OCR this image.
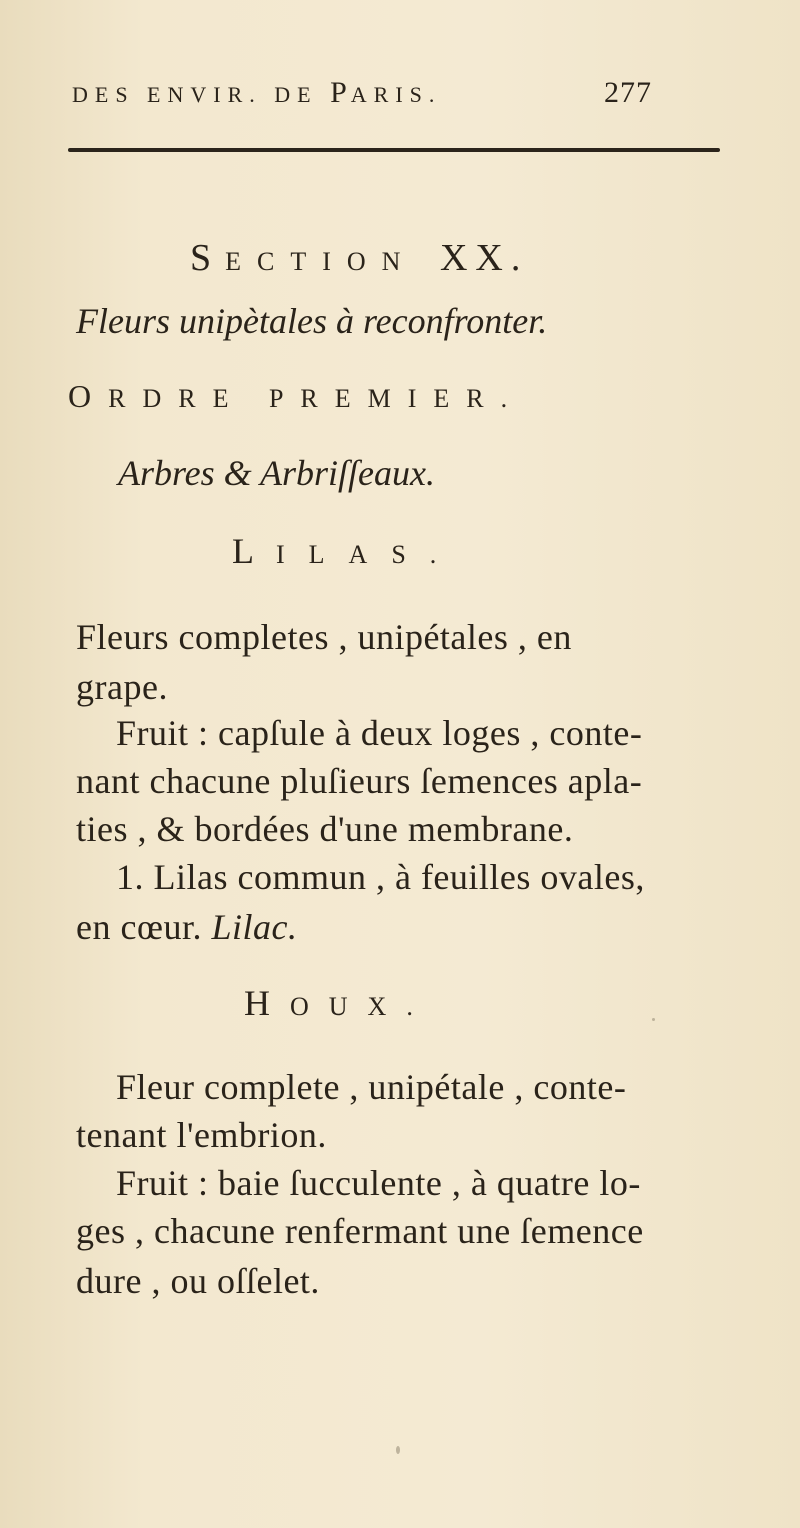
DES ENVIR. DE PARIS.	277
SECTION XX.
Fleurs unipètales à reconfronter.
ORDRE PREMIER.
Arbres & Arbriſſeaux.
LILAS.
Fleurs completes , unipétales , en
grape.
Fruit : capſule à deux loges , conte-
nant chacune pluſieurs ſemences apla-
ties , & bordées d'une membrane.
1. Lilas commun , à feuilles ovales,
en cœur. Lilac.
HOUX.
Fleur complete , unipétale , conte-
tenant l'embrion.
Fruit : baie ſucculente , à quatre lo-
ges , chacune renfermant une ſemence
dure , ou oſſelet.
